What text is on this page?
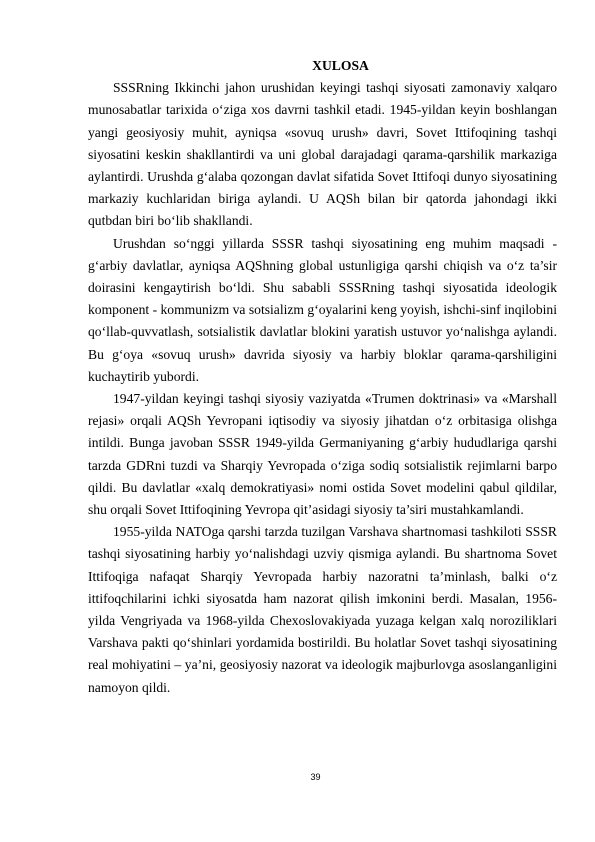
XULOSA

SSSRning Ikkinchi jahon urushidan keyingi tashqi siyosati zamonaviy xalqaro munosabatlar tarixida o‘ziga xos davrni tashkil etadi. 1945-yildan keyin boshlangan yangi geosiyosiy muhit, ayniqsa «sovuq urush» davri, Sovet Ittifoqining tashqi siyosatini keskin shakllantirdi va uni global darajadagi qarama-qarshilik markaziga aylantirdi. Urushda g‘alaba qozongan davlat sifatida Sovet Ittifoqi dunyo siyosatining markaziy kuchlaridan biriga aylandi. U AQSh bilan bir qatorda jahondagi ikki qutbdan biri bo‘lib shakllandi.

Urushdan so‘nggi yillarda SSSR tashqi siyosatining eng muhim maqsadi - g‘arbiy davlatlar, ayniqsa AQShning global ustunligiga qarshi chiqish va o‘z ta’sir doirasini kengaytirish bo‘ldi. Shu sababli SSSRning tashqi siyosatida ideologik komponent - kommunizm va sotsializm g‘oyalarini keng yoyish, ishchi-sinf inqilobini qo‘llab-quvvatlash, sotsialistik davlatlar blokini yaratish ustuvor yo‘nalishga aylandi. Bu g‘oya «sovuq urush» davrida siyosiy va harbiy bloklar qarama-qarshiligini kuchaytirib yubordi.

1947-yildan keyingi tashqi siyosiy vaziyatda «Trumen doktrinasi» va «Marshall rejasi» orqali AQSh Yevropani iqtisodiy va siyosiy jihatdan o‘z orbitasiga olishga intildi. Bunga javoban SSSR 1949-yilda Germaniyaning g‘arbiy hududlariga qarshi tarzda GDRni tuzdi va Sharqiy Yevropada o‘ziga sodiq sotsialistik rejimlarni barpo qildi. Bu davlatlar «xalq demokratiyasi» nomi ostida Sovet modelini qabul qildilar, shu orqali Sovet Ittifoqining Yevropa qit’asidagi siyosiy ta’siri mustahkamlandi.

1955-yilda NATOga qarshi tarzda tuzilgan Varshava shartnomasi tashkiloti SSSR tashqi siyosatining harbiy yo‘nalishdagi uzviy qismiga aylandi. Bu shartnoma Sovet Ittifoqiga nafaqat Sharqiy Yevropada harbiy nazoratni ta’minlash, balki o‘z ittifoqchilarini ichki siyosatda ham nazorat qilish imkonini berdi. Masalan, 1956-yilda Vengriyada va 1968-yilda Chexoslovakiyada yuzaga kelgan xalq noroziliklari Varshava pakti qo‘shinlari yordamida bostirildi. Bu holatlar Sovet tashqi siyosatining real mohiyatini – ya’ni, geosiyosiy nazorat va ideologik majburlovga asoslanganligini namoyon qildi.

39
